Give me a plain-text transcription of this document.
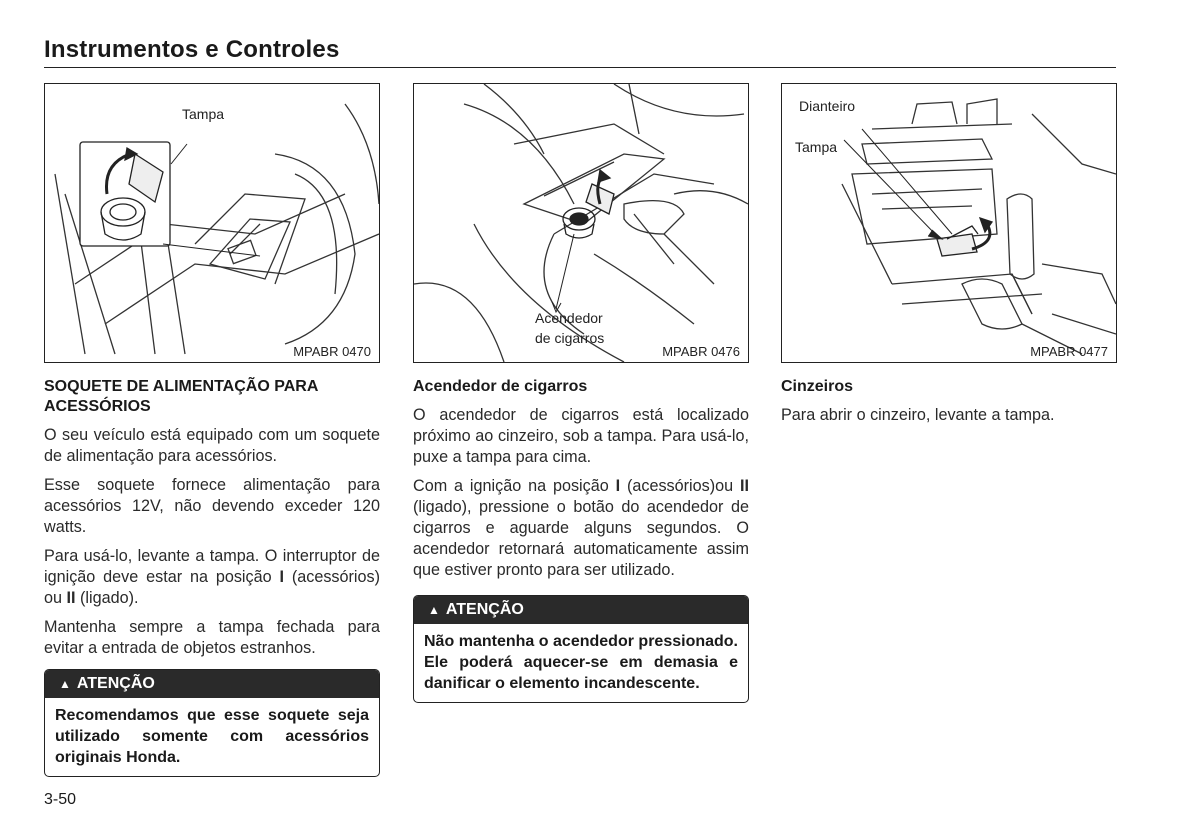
Instrumentos e Controles
Tampa
MPABR 0470
SOQUETE DE ALIMENTAÇÃO PARA
ACESSÓRIOS
O seu veículo está equipado com um soquete de alimentação para acessórios.
Esse soquete fornece alimentação para acessórios 12V, não devendo exceder 120 watts.
Para usá-lo, levante a tampa. O interruptor de ignição deve estar na posição I (acessórios) ou II (ligado).
Mantenha sempre a tampa fechada para evitar a entrada de objetos estranhos.
▲ ATENÇÃO
Recomendamos que esse soquete seja utilizado somente com acessórios originais Honda.
Acendedor
de cigarros
MPABR 0476
Acendedor de cigarros
O acendedor de cigarros está localizado próximo ao cinzeiro, sob a tampa. Para usá-lo, puxe a tampa para cima.
Com a ignição na posição I (acessórios)ou II (ligado), pressione o botão do acendedor de cigarros e aguarde alguns segundos. O acendedor retornará automaticamente assim que estiver pronto para ser utilizado.
▲ ATENÇÃO
Não mantenha o acendedor pressionado. Ele poderá aquecer-se em demasia e danificar o elemento incandescente.
Dianteiro
Tampa
MPABR 0477
Cinzeiros
Para abrir o cinzeiro, levante a tampa.
3-50
